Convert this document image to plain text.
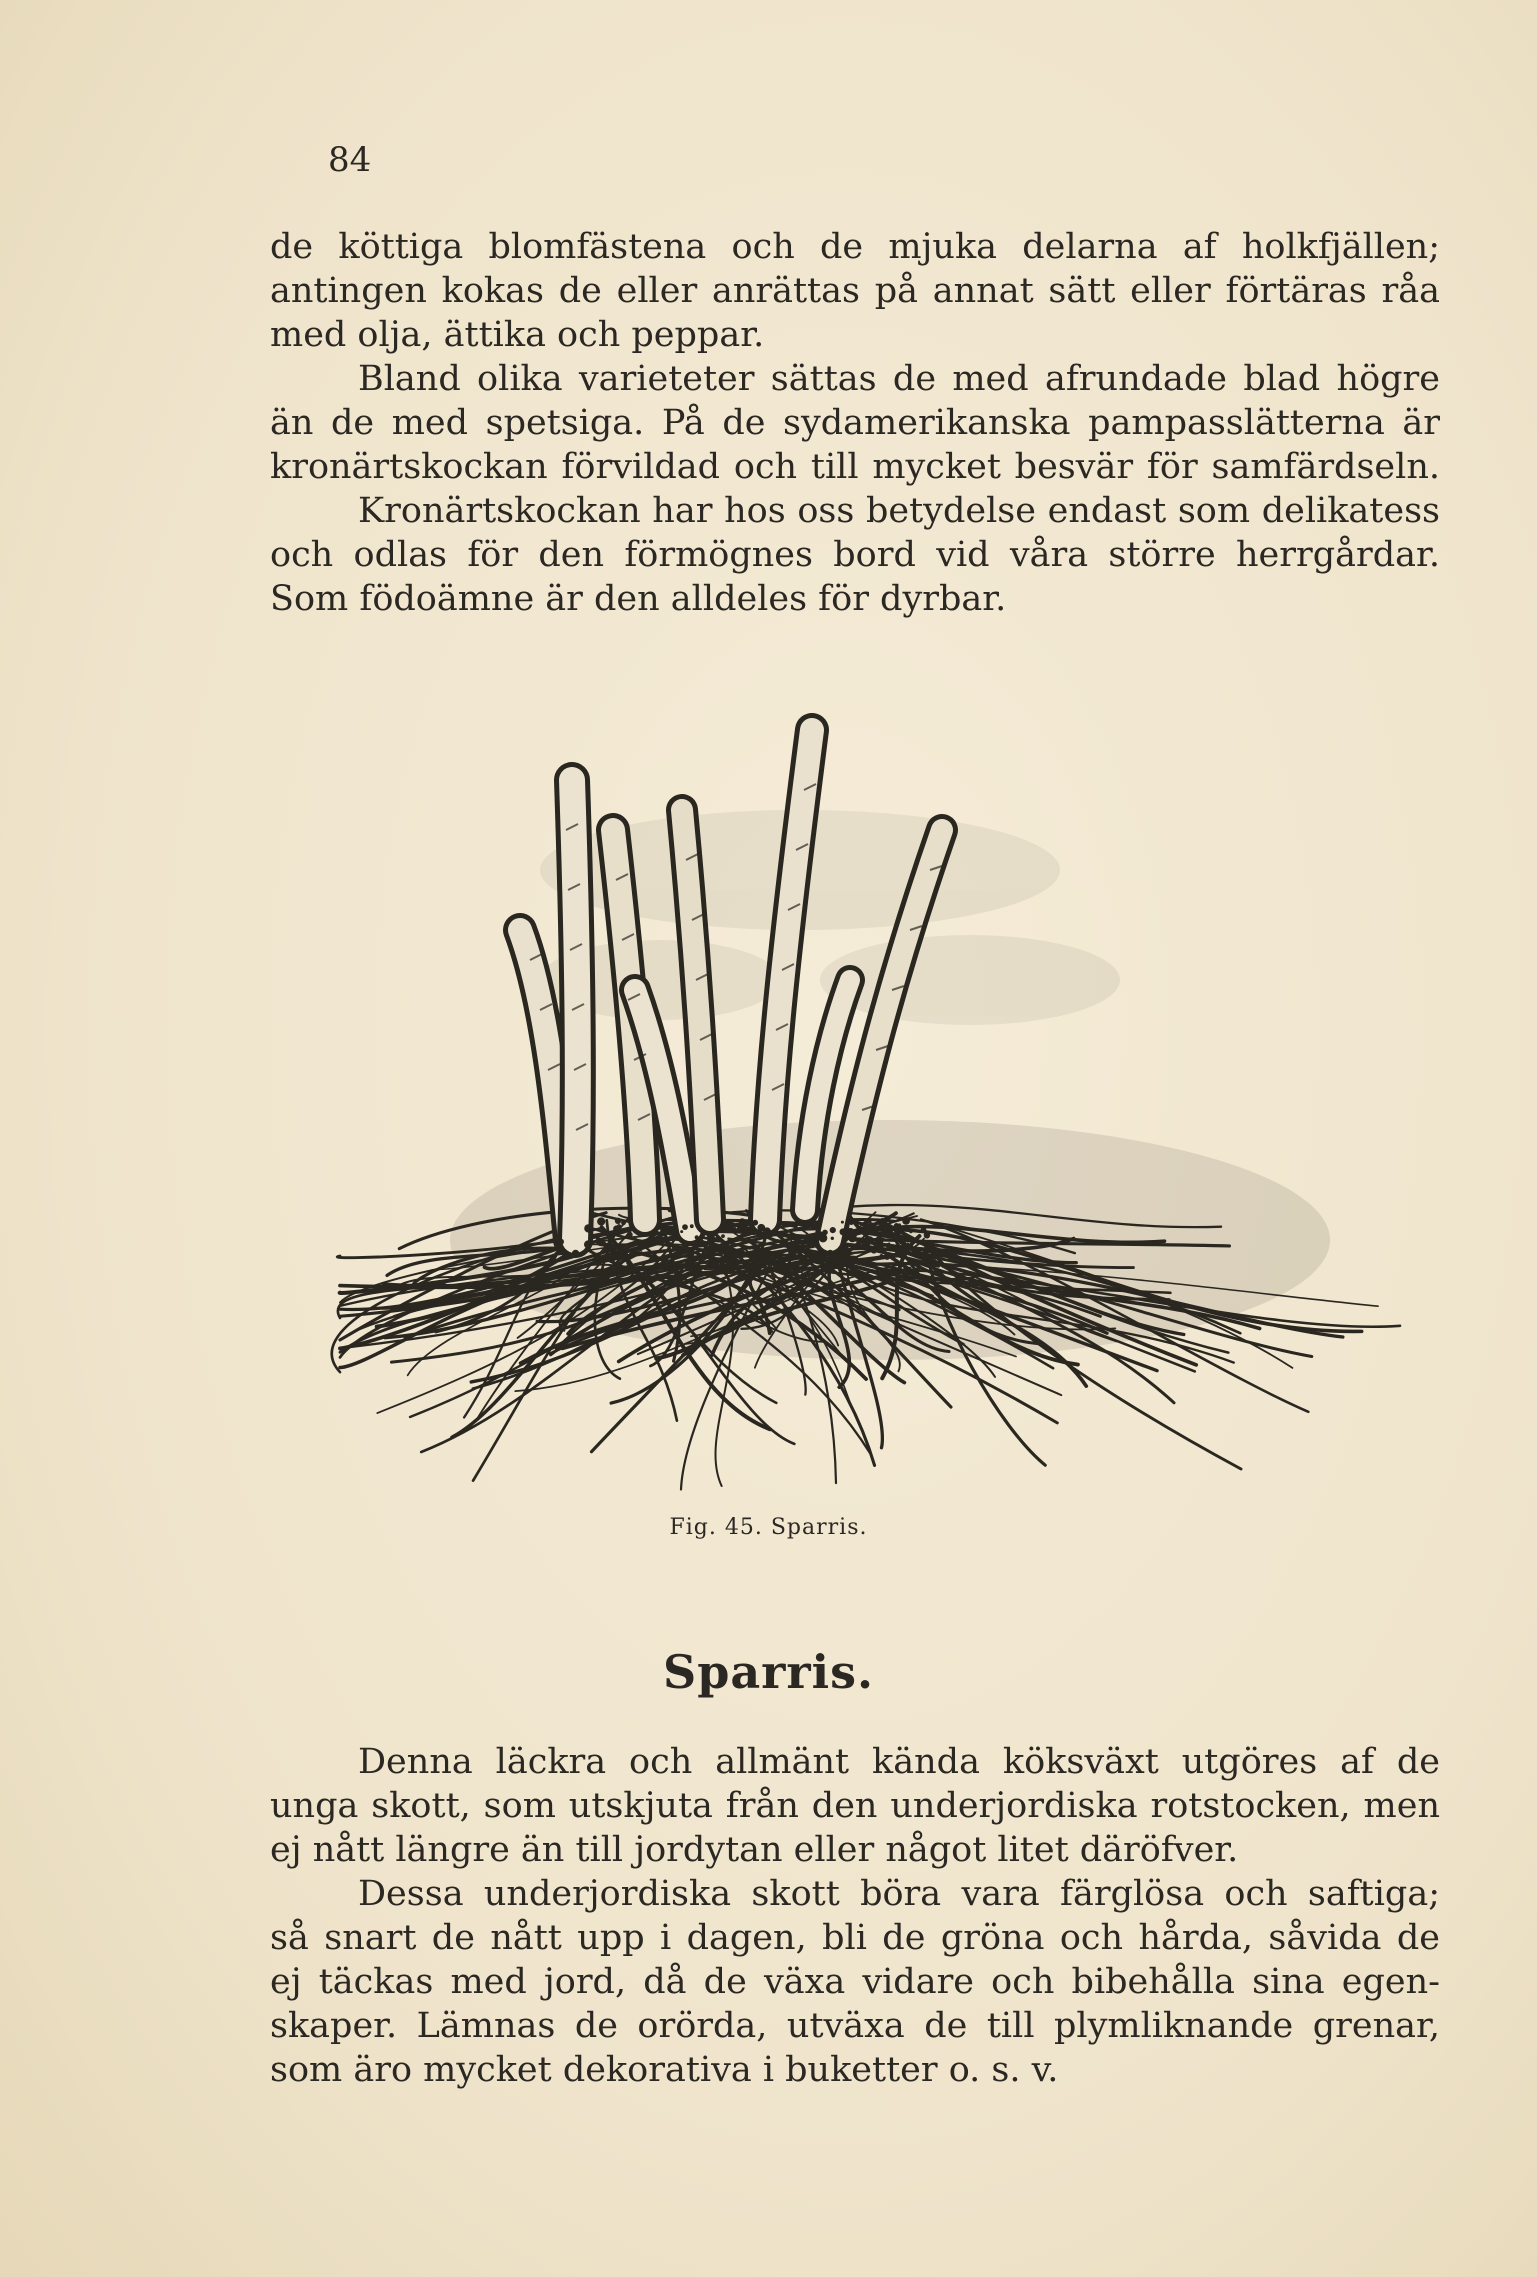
84
de köttiga blomfästena och de mjuka delarna af holkfjällen;
antingen kokas de eller anrättas på annat sätt eller förtäras råa
med olja, ättika och peppar.
Bland olika varieteter sättas de med afrundade blad högre
än de med spetsiga. På de sydamerikanska pampasslätterna är
kronärtskockan förvildad och till mycket besvär för samfärdseln.
Kronärtskockan har hos oss betydelse endast som delikatess
och odlas för den förmögnes bord vid våra större herrgårdar.
Som födoämne är den alldeles för dyrbar.
Fig. 45. Sparris.
Sparris.
Denna läckra och allmänt kända köksväxt utgöres af de
unga skott, som utskjuta från den underjordiska rotstocken, men
ej nått längre än till jordytan eller något litet däröfver.
Dessa underjordiska skott böra vara färglösa och saftiga;
så snart de nått upp i dagen, bli de gröna och hårda, såvida de
ej täckas med jord, då de växa vidare och bibehålla sina egen-
skaper. Lämnas de orörda, utväxa de till plymliknande grenar,
som äro mycket dekorativa i buketter o. s. v.
